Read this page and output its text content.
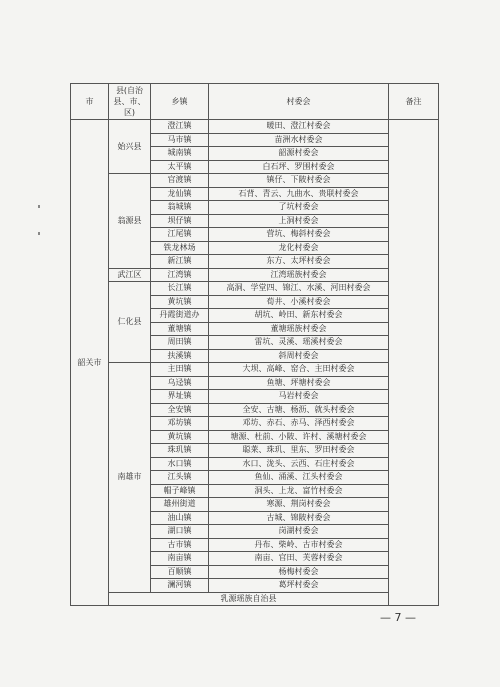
市	县(自治县、市、区)	乡镇	村委会	备注
韶关市	始兴县	澄江镇	暖田、澄江村委会	
		马市镇	苗洲水村委会	
		城南镇	韶源村委会	
		太平镇	白石坪、罗围村委会	
	翁源县	官渡镇	镇仔、下陂村委会	
		龙仙镇	石背、青云、九曲水、贵联村委会	
		翁城镇	了坑村委会	
		坝仔镇	上洞村委会	
		江尾镇	营坑、梅斜村委会	
		铁龙林场	龙化村委会	
		新江镇	东方、太坪村委会	
	武江区	江湾镇	江湾瑶族村委会	
	仁化县	长江镇	高洞、学堂四、锦江、水溪、河田村委会	
		黄坑镇	荀井、小溪村委会	
		丹霞街道办	胡坑、岭田、新东村委会	
		董塘镇	董塘瑶族村委会	
		周田镇	雷坑、灵溪、瑶溪村委会	
		扶溪镇	斜周村委会	
	南雄市	主田镇	大坝、高峰、窑合、主田村委会	
		乌迳镇	鱼塘、坪塘村委会	
		界址镇	马岩村委会	
		全安镇	全安、古塘、杨沥、就头村委会	
		邓坊镇	邓坊、赤石、赤马、泽西村委会	
		黄坑镇	塘源、杜前、小陂、许村、溪塘村委会	
		珠玑镇	聪莱、珠玑、里东、罗田村委会	
		水口镇	水口、泷头、云西、石庄村委会	
		江头镇	鱼仙、涌溪、江头村委会	
		帽子峰镇	洞头、上龙、富竹村委会	
		雄州街道	寒源、荆岗村委会	
		油山镇	古城、锦陂村委会	
		湖口镇	岗湖村委会	
		古市镇	丹布、柴岭、古市村委会	
		南亩镇	南亩、官田、芙蓉村委会	
		百顺镇	杨梅村委会	
		澜河镇	葛坪村委会	
	乳源瑶族自治县			
— 7 —
